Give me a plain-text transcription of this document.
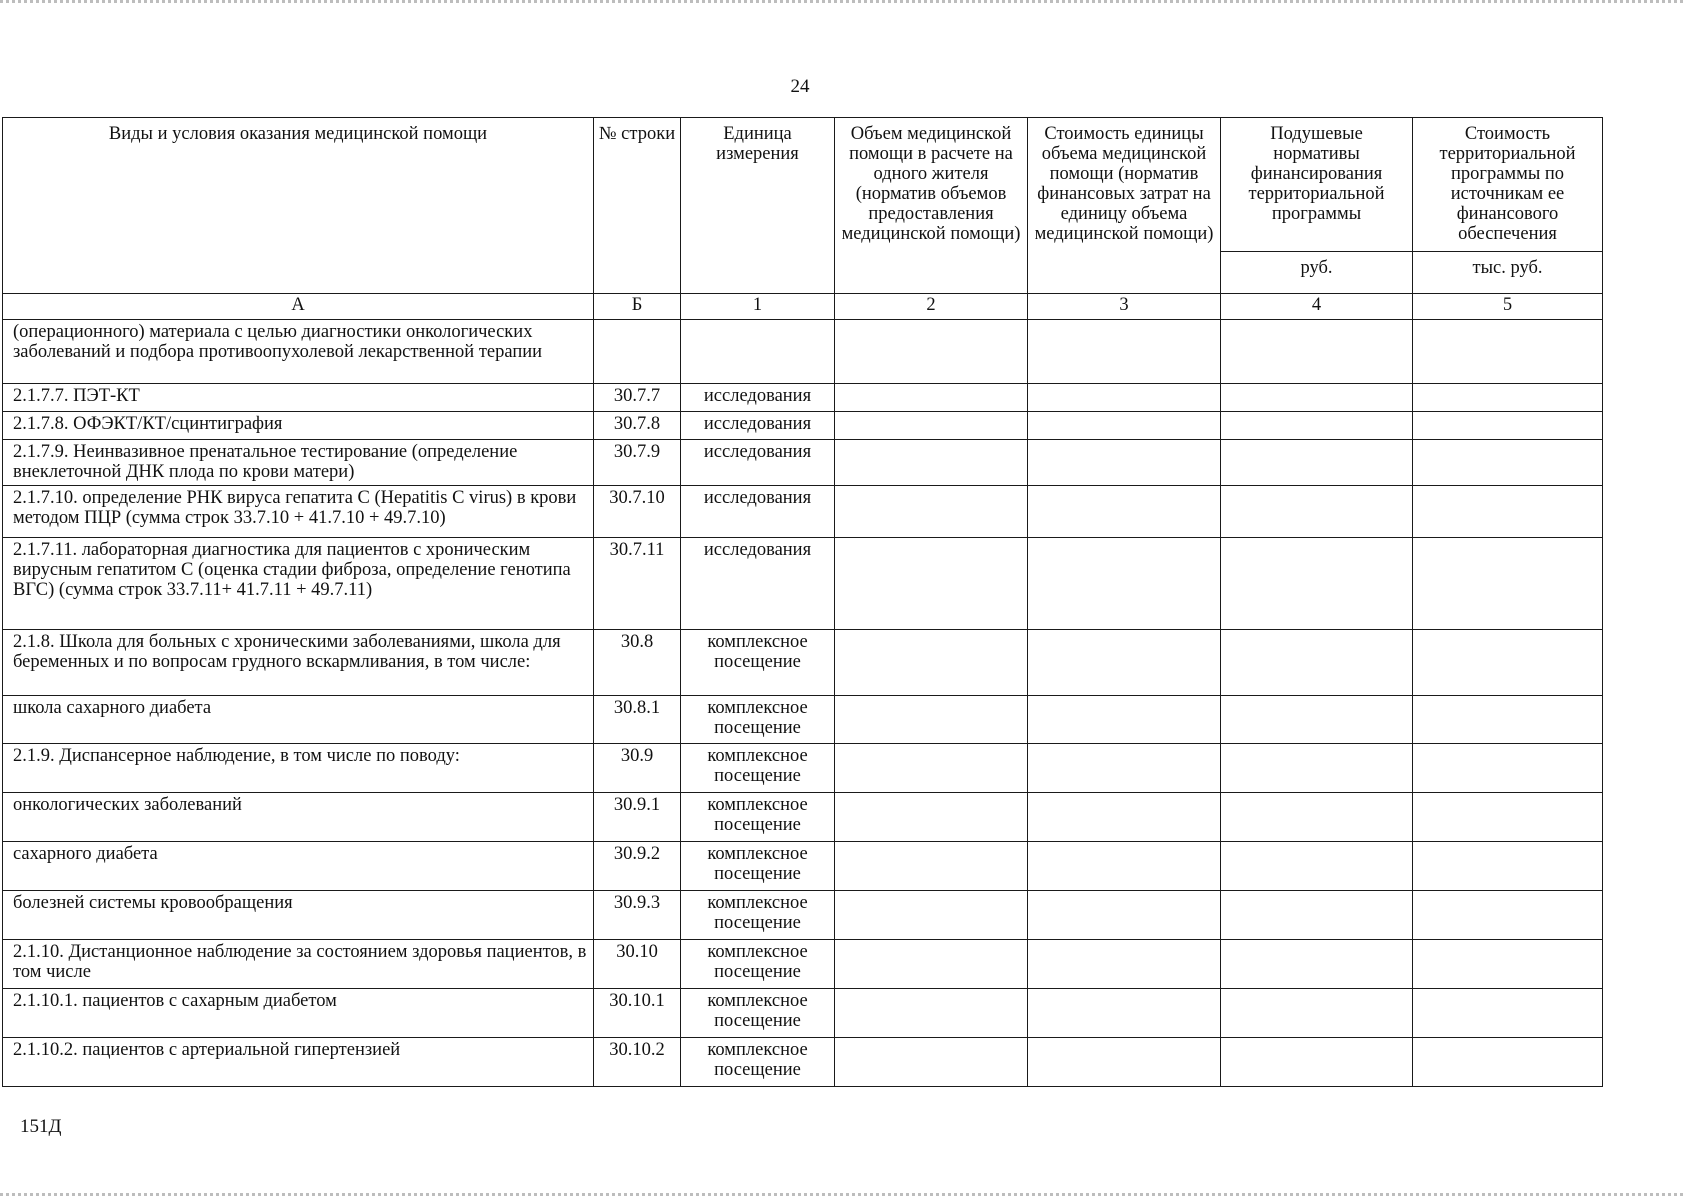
24
Виды и условия оказания медицинской помощи	№ строки	Единица измерения	Объем медицинской помощи в расчете на одного жителя (норматив объемов предоставления медицинской помощи)	Стоимость единицы объема медицинской помощи (норматив финансовых затрат на единицу объема медицинской помощи)	Подушевые нормативы финансирования территориальной программы	Стоимость территориальной программы по источникам ее финансового обеспечения
					руб.	тыс. руб.
А	Б	1	2	3	4	5
(операционного) материала с целью диагностики онкологических заболеваний и подбора противоопухолевой лекарственной терапии						
2.1.7.7. ПЭТ-КТ	30.7.7	исследования				
2.1.7.8. ОФЭКТ/КТ/сцинтиграфия	30.7.8	исследования				
2.1.7.9. Неинвазивное пренатальное тестирование (определение внеклеточной ДНК плода по крови матери)	30.7.9	исследования				
2.1.7.10. определение РНК вируса гепатита C (Hepatitis C virus) в крови методом ПЦР (сумма строк 33.7.10 + 41.7.10 + 49.7.10)	30.7.10	исследования				
2.1.7.11. лабораторная диагностика для пациентов с хроническим вирусным гепатитом C (оценка стадии фиброза, определение генотипа ВГС) (сумма строк 33.7.11+ 41.7.11 + 49.7.11)	30.7.11	исследования				
2.1.8. Школа для больных с хроническими заболеваниями, школа для беременных и по вопросам грудного вскармливания, в том числе:	30.8	комплексное посещение				
школа сахарного диабета	30.8.1	комплексное посещение				
2.1.9. Диспансерное наблюдение, в том числе по поводу:	30.9	комплексное посещение				
онкологических заболеваний	30.9.1	комплексное посещение				
сахарного диабета	30.9.2	комплексное посещение				
болезней системы кровообращения	30.9.3	комплексное посещение				
2.1.10. Дистанционное наблюдение за состоянием здоровья пациентов, в том числе	30.10	комплексное посещение				
2.1.10.1. пациентов с сахарным диабетом	30.10.1	комплексное посещение				
2.1.10.2. пациентов с артериальной гипертензией	30.10.2	комплексное посещение				
151Д
